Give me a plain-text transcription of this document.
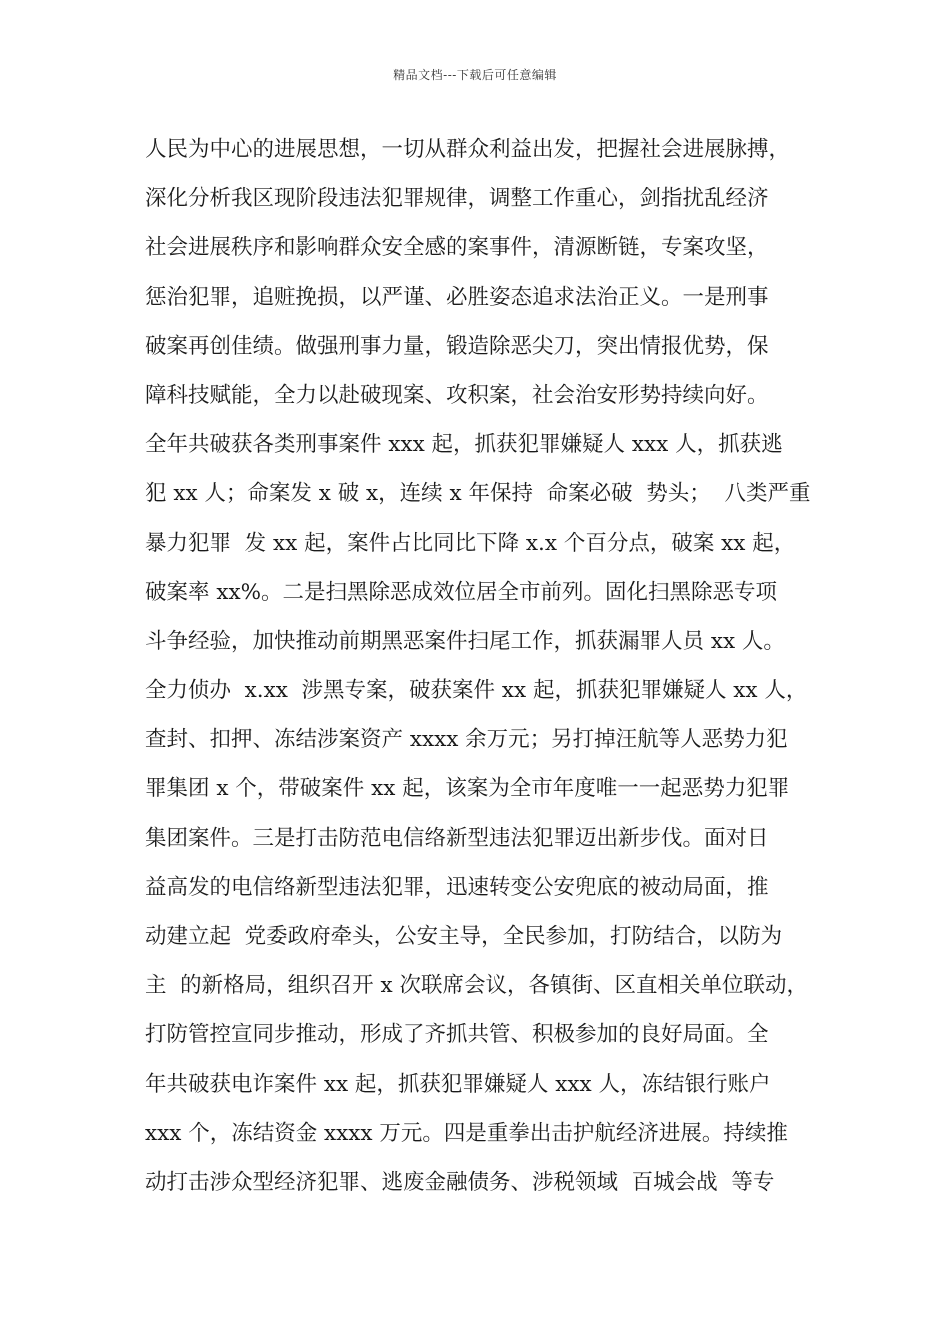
精品文档---下载后可任意编辑
人民为中心的进展思想，一切从群众利益出发，把握社会进展脉搏，
深化分析我区现阶段违法犯罪规律，调整工作重心，剑指扰乱经济
社会进展秩序和影响群众安全感的案事件，清源断链，专案攻坚，
惩治犯罪，追赃挽损，以严谨、必胜姿态追求法治正义。一是刑事
破案再创佳绩。做强刑事力量，锻造除恶尖刀，突出情报优势，保
障科技赋能，全力以赴破现案、攻积案，社会治安形势持续向好。
全年共破获各类刑事案件 xxx 起，抓获犯罪嫌疑人 xxx 人，抓获逃
犯 xx 人；命案发 x 破 x，连续 x 年保持  命案必破  势头；  八类严重
暴力犯罪  发 xx 起，案件占比同比下降 x.x 个百分点，破案 xx 起，
破案率 xx%。二是扫黑除恶成效位居全市前列。固化扫黑除恶专项
斗争经验，加快推动前期黑恶案件扫尾工作，抓获漏罪人员 xx 人。
全力侦办  x.xx  涉黑专案，破获案件 xx 起，抓获犯罪嫌疑人 xx 人，
查封、扣押、冻结涉案资产 xxxx 余万元；另打掉汪航等人恶势力犯
罪集团 x 个，带破案件 xx 起，该案为全市年度唯一一起恶势力犯罪
集团案件。三是打击防范电信络新型违法犯罪迈出新步伐。面对日
益高发的电信络新型违法犯罪，迅速转变公安兜底的被动局面，推
动建立起  党委政府牵头，公安主导，全民参加，打防结合，以防为
主  的新格局，组织召开 x 次联席会议，各镇街、区直相关单位联动，
打防管控宣同步推动，形成了齐抓共管、积极参加的良好局面。全
年共破获电诈案件 xx 起，抓获犯罪嫌疑人 xxx 人，冻结银行账户
xxx 个，冻结资金 xxxx 万元。四是重拳出击护航经济进展。持续推
动打击涉众型经济犯罪、逃废金融债务、涉税领域  百城会战  等专
